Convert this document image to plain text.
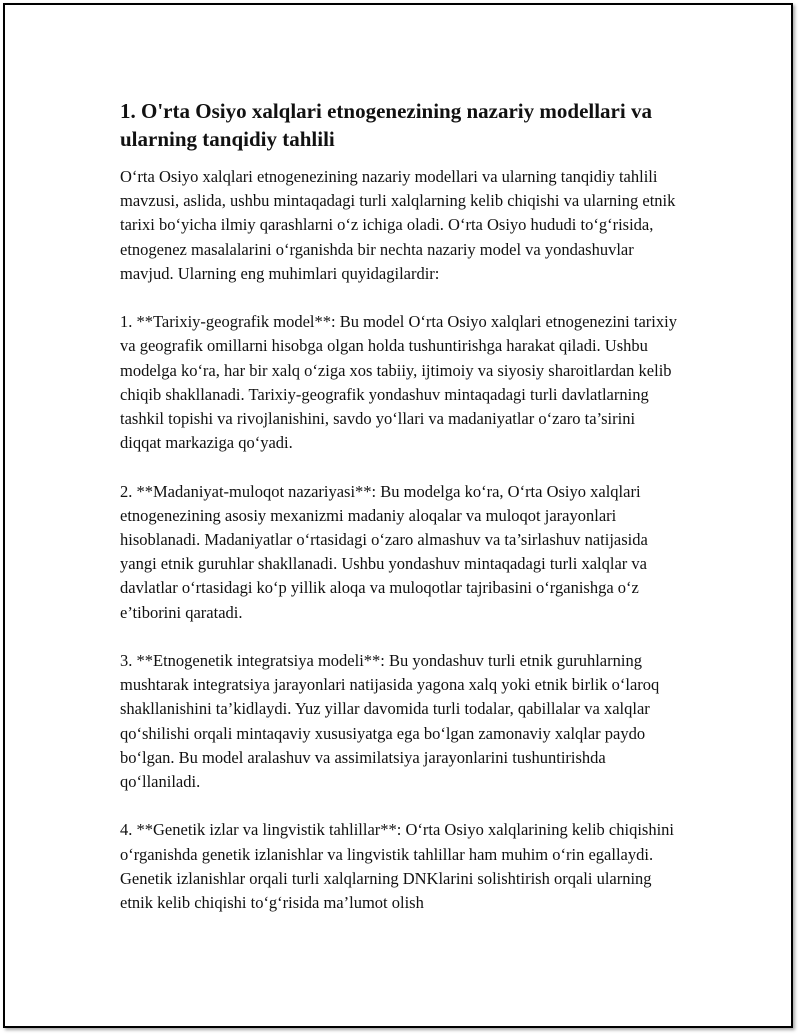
1. O'rta Osiyo xalqlari etnogenezining nazariy modellari va ularning tanqidiy tahlili

O‘rta Osiyo xalqlari etnogenezining nazariy modellari va ularning tanqidiy tahlili mavzusi, aslida, ushbu mintaqadagi turli xalqlarning kelib chiqishi va ularning etnik tarixi bo‘yicha ilmiy qarashlarni o‘z ichiga oladi. O‘rta Osiyo hududi to‘g‘risida, etnogenez masalalarini o‘rganishda bir nechta nazariy model va yondashuvlar mavjud. Ularning eng muhimlari quyidagilardir:

1. **Tarixiy-geografik model**: Bu model O‘rta Osiyo xalqlari etnogenezini tarixiy va geografik omillarni hisobga olgan holda tushuntirishga harakat qiladi. Ushbu modelga ko‘ra, har bir xalq o‘ziga xos tabiiy, ijtimoiy va siyosiy sharoitlardan kelib chiqib shakllanadi. Tarixiy-geografik yondashuv mintaqadagi turli davlatlarning tashkil topishi va rivojlanishini, savdo yo‘llari va madaniyatlar o‘zaro ta’sirini diqqat markaziga qo‘yadi.

2. **Madaniyat-muloqot nazariyasi**: Bu modelga ko‘ra, O‘rta Osiyo xalqlari etnogenezining asosiy mexanizmi madaniy aloqalar va muloqot jarayonlari hisoblanadi. Madaniyatlar o‘rtasidagi o‘zaro almashuv va ta’sirlashuv natijasida yangi etnik guruhlar shakllanadi. Ushbu yondashuv mintaqadagi turli xalqlar va davlatlar o‘rtasidagi ko‘p yillik aloqa va muloqotlar tajribasini o‘rganishga o‘z e’tiborini qaratadi.

3. **Etnogenetik integratsiya modeli**: Bu yondashuv turli etnik guruhlarning mushtarak integratsiya jarayonlari natijasida yagona xalq yoki etnik birlik o‘laroq shakllanishini ta’kidlaydi. Yuz yillar davomida turli todalar, qabillalar va xalqlar qo‘shilishi orqali mintaqaviy xususiyatga ega bo‘lgan zamonaviy xalqlar paydo bo‘lgan. Bu model aralashuv va assimilatsiya jarayonlarini tushuntirishda qo‘llaniladi.

4. **Genetik izlar va lingvistik tahlillar**: O‘rta Osiyo xalqlarining kelib chiqishini o‘rganishda genetik izlanishlar va lingvistik tahlillar ham muhim o‘rin egallaydi. Genetik izlanishlar orqali turli xalqlarning DNKlarini solishtirish orqali ularning etnik kelib chiqishi to‘g‘risida ma’lumot olish
